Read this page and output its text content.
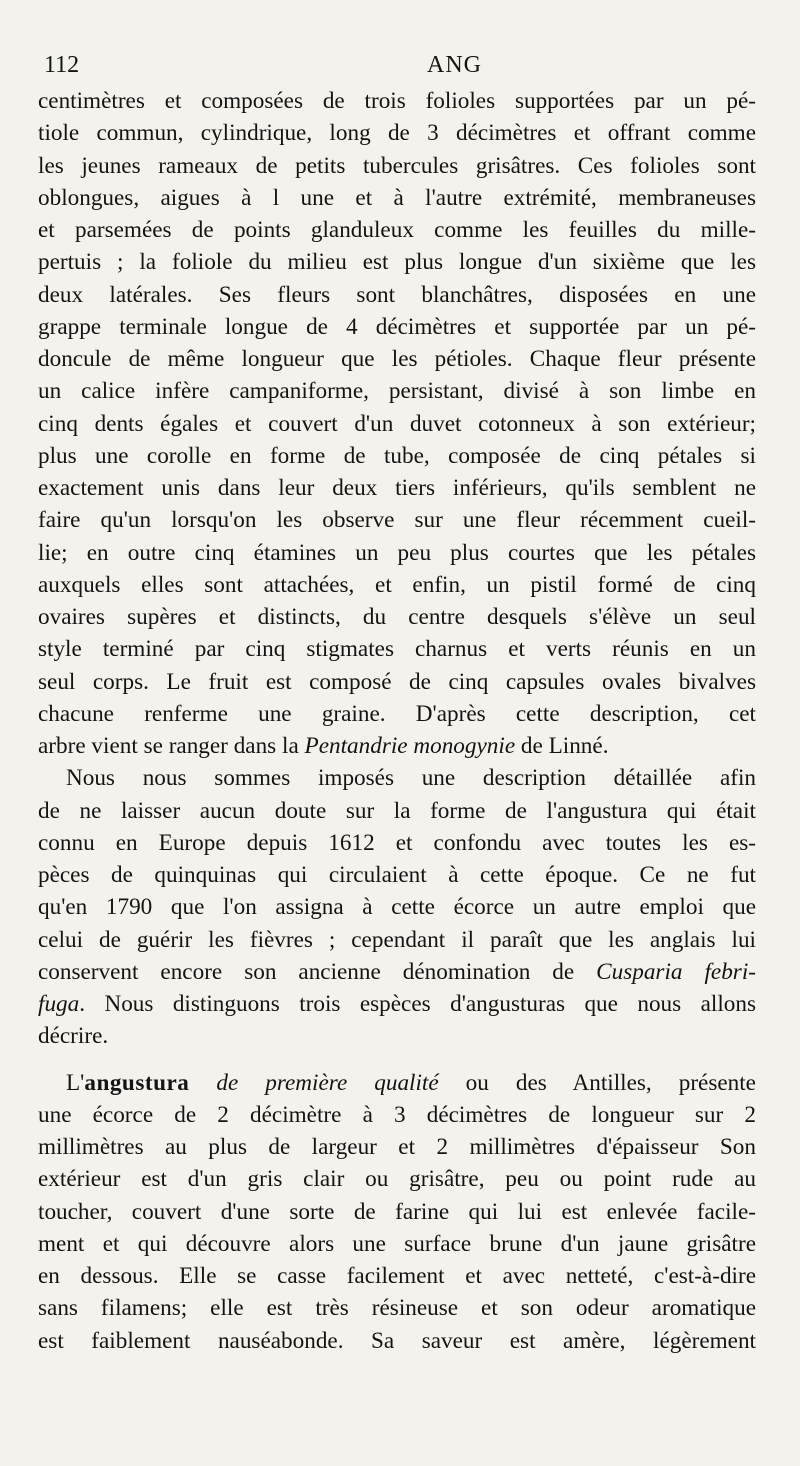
112	ANG
centimètres et composées de trois folioles supportées par un pé-
tiole commun, cylindrique, long de 3 décimètres et offrant comme
les jeunes rameaux de petits tubercules grisâtres. Ces folioles sont
oblongues, aigues à l une et à l'autre extrémité, membraneuses
et parsemées de points glanduleux comme les feuilles du mille-
pertuis ; la foliole du milieu est plus longue d'un sixième que les
deux latérales. Ses fleurs sont blanchâtres, disposées en une
grappe terminale longue de 4 décimètres et supportée par un pé-
doncule de même longueur que les pétioles. Chaque fleur présente
un calice infère campaniforme, persistant, divisé à son limbe en
cinq dents égales et couvert d'un duvet cotonneux à son extérieur;
plus une corolle en forme de tube, composée de cinq pétales si
exactement unis dans leur deux tiers inférieurs, qu'ils semblent ne
faire qu'un lorsqu'on les observe sur une fleur récemment cueil-
lie; en outre cinq étamines un peu plus courtes que les pétales
auxquels elles sont attachées, et enfin, un pistil formé de cinq
ovaires supères et distincts, du centre desquels s'élève un seul
style terminé par cinq stigmates charnus et verts réunis en un
seul corps. Le fruit est composé de cinq capsules ovales bivalves
chacune renferme une graine. D'après cette description, cet
arbre vient se ranger dans la Pentandrie monogynie de Linné.
Nous nous sommes imposés une description détaillée afin
de ne laisser aucun doute sur la forme de l'angustura qui était
connu en Europe depuis 1612 et confondu avec toutes les es-
pèces de quinquinas qui circulaient à cette époque. Ce ne fut
qu'en 1790 que l'on assigna à cette écorce un autre emploi que
celui de guérir les fièvres ; cependant il paraît que les anglais lui
conservent encore son ancienne dénomination de Cusparia febri-
fuga. Nous distinguons trois espèces d'angusturas que nous allons
décrire.
L'angustura de première qualité ou des Antilles, présente
une écorce de 2 décimètre à 3 décimètres de longueur sur 2
millimètres au plus de largeur et 2 millimètres d'épaisseur Son
extérieur est d'un gris clair ou grisâtre, peu ou point rude au
toucher, couvert d'une sorte de farine qui lui est enlevée facile-
ment et qui découvre alors une surface brune d'un jaune grisâtre
en dessous. Elle se casse facilement et avec netteté, c'est-à-dire
sans filamens; elle est très résineuse et son odeur aromatique
est faiblement nauséabonde. Sa saveur est amère, légèrement
